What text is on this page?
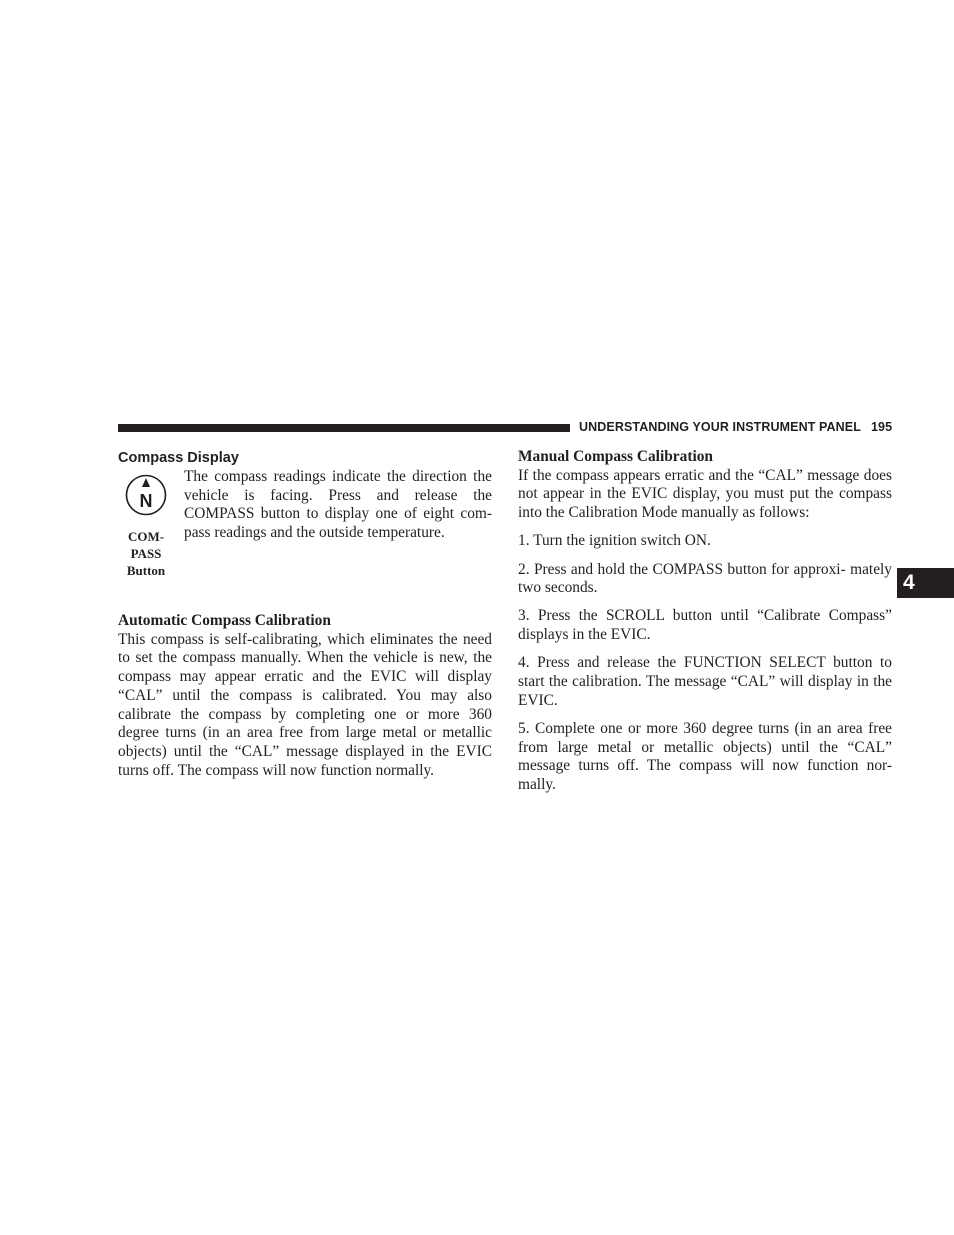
UNDERSTANDING YOUR INSTRUMENT PANEL 195
4
Compass Display
N
COM-
PASS
Button

The compass readings indicate the direction the vehicle is facing. Press and release the COMPASS button to display one of eight com- pass readings and the outside temperature.

Automatic Compass Calibration

This compass is self-calibrating, which eliminates the need to set the compass manually. When the vehicle is new, the compass may appear erratic and the EVIC will display “CAL” until the compass is calibrated. You may also calibrate the compass by completing one or more 360 degree turns (in an area free from large metal or metallic objects) until the “CAL” message displayed in the EVIC turns off. The compass will now function normally.

Manual Compass Calibration

If the compass appears erratic and the “CAL” message does not appear in the EVIC display, you must put the compass into the Calibration Mode manually as follows:

1. Turn the ignition switch ON.

2. Press and hold the COMPASS button for approxi- mately two seconds.

3. Press the SCROLL button until “Calibrate Compass” displays in the EVIC.

4. Press and release the FUNCTION SELECT button to start the calibration. The message “CAL” will display in the EVIC.

5. Complete one or more 360 degree turns (in an area free from large metal or metallic objects) until the “CAL” message turns off. The compass will now function nor- mally.
